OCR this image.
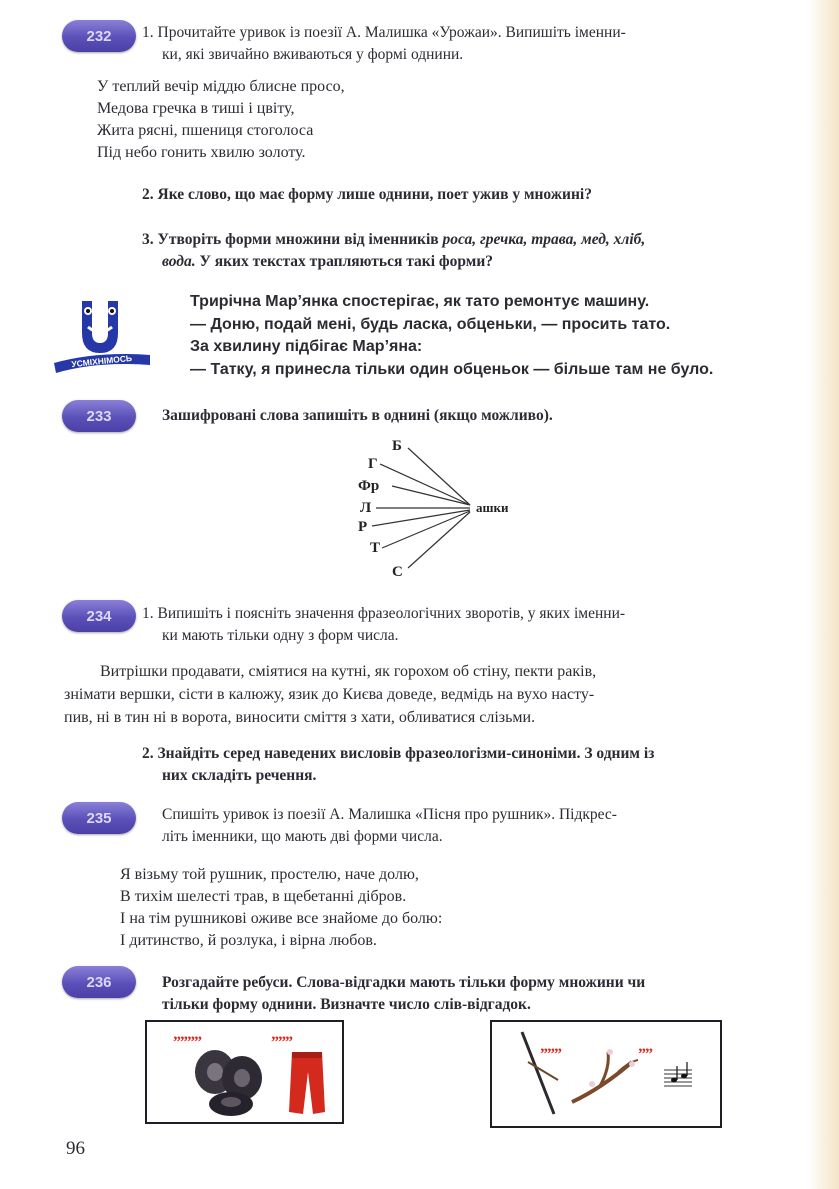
232	1. Прочитайте уривок із поезії А. Малишка «Урожаи». Випишіть іменни-
ки, які звичайно вживаються у формі однини.
У теплий вечір міддю блисне просо,
Медова гречка в тиші і цвіту,
Жита рясні, пшениця стоголоса
Під небо гонить хвилю золоту.
2. Яке слово, що має форму лише однини, поет ужив у множині?
3. Утворіть форми множини від іменників роса, гречка, трава, мед, хліб,
вода. У яких текстах трапляються такі форми?
УСМІХНІМОСЬ
Трирічна Мар’янка спостерігає, як тато ремонтує машину.
— Доню, подай мені, будь ласка, обценьки, — просить тато.
За хвилину підбігає Мар’яна:
— Татку, я принесла тільки один обценьок — більше там не було.
233	Зашифровані слова запишіть в однині (якщо можливо).
Б
Г
Фр
Л
Р
Т
С
ашки
234	1. Випишіть і поясніть значення фразеологічних зворотів, у яких іменни-
ки мають тільки одну з форм числа.
Витрішки продавати, сміятися на кутні, як горохом об стіну, пекти раків,
знімати вершки, сісти в калюжу, язик до Києва доведе, ведмідь на вухо насту-
пив, ні в тин ні в ворота, виносити сміття з хати, обливатися слізьми.
2. Знайдіть серед наведених висловів фразеологізми-синоніми. З одним із
них складіть речення.
235	Спишіть уривок із поезії А. Малишка «Пісня про рушник». Підкрес-
літь іменники, що мають дві форми числа.
Я візьму той рушник, простелю, наче долю,
В тихім шелесті трав, в щебетанні дібров.
І на тім рушникові оживе все знайоме до болю:
І дитинство, й розлука, і вірна любов.
236	Розгадайте ребуси. Слова-відгадки мають тільки форму множини чи
тільки форму однини. Визначте число слів-відгадок.
””””	”””
”””	””
96
